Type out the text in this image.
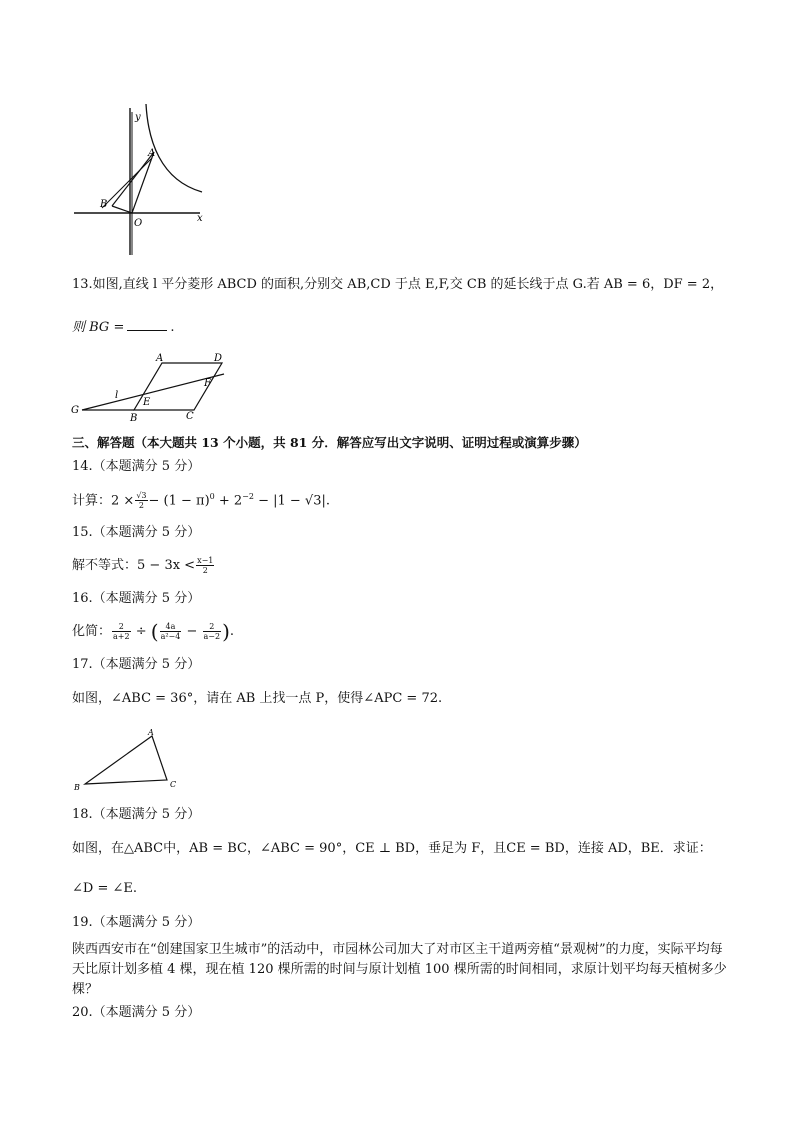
y
x
A
B
O
13.如图,直线 l 平分菱形 ABCD 的面积,分别交 AB,CD 于点 E,F,交 CB 的延长线于点 G.若 AB = 6，DF = 2，
则 BG =	.
A	D
F
l
G
E
B	C
三、解答题（本大题共 13 个小题，共 81 分．解答应写出文字说明、证明过程或演算步骤）
14.（本题满分 5 分）
计算：$2 \times \frac{√3}{2} - (1 - \pi)^0 + 2^{-2} - |1 - √3|$.
15.（本题满分 5 分）
解不等式：$5 - 3x < \frac{x-1}{2}$
16.（本题满分 5 分）
化简： $\frac{2}{a+2}$ ÷ ( $\frac{4a}{\text{a²−4}} - \frac{2}{a-2}$ ).
17.（本题满分 5 分）
如图，∠ABC = 36°，请在 AB 上找一点 P，使得∠APC = 72.
A
B	C
18.（本题满分 5 分）
如图，在△ABC中，AB = BC，∠ABC = 90°，CE ⊥ BD，垂足为 F，且CE = BD，连接 AD，BE．求证：
∠D = ∠E.
19.（本题满分 5 分）
陕西西安市在“创建国家卫生城市”的活动中，市园林公司加大了对市区主干道两旁植“景观树”的力度，实际平均每天比原计划多植 4 棵，现在植 120 棵所需的时间与原计划植 100 棵所需的时间相同，求原计划平均每天植树多少棵？
20.（本题满分 5 分）
